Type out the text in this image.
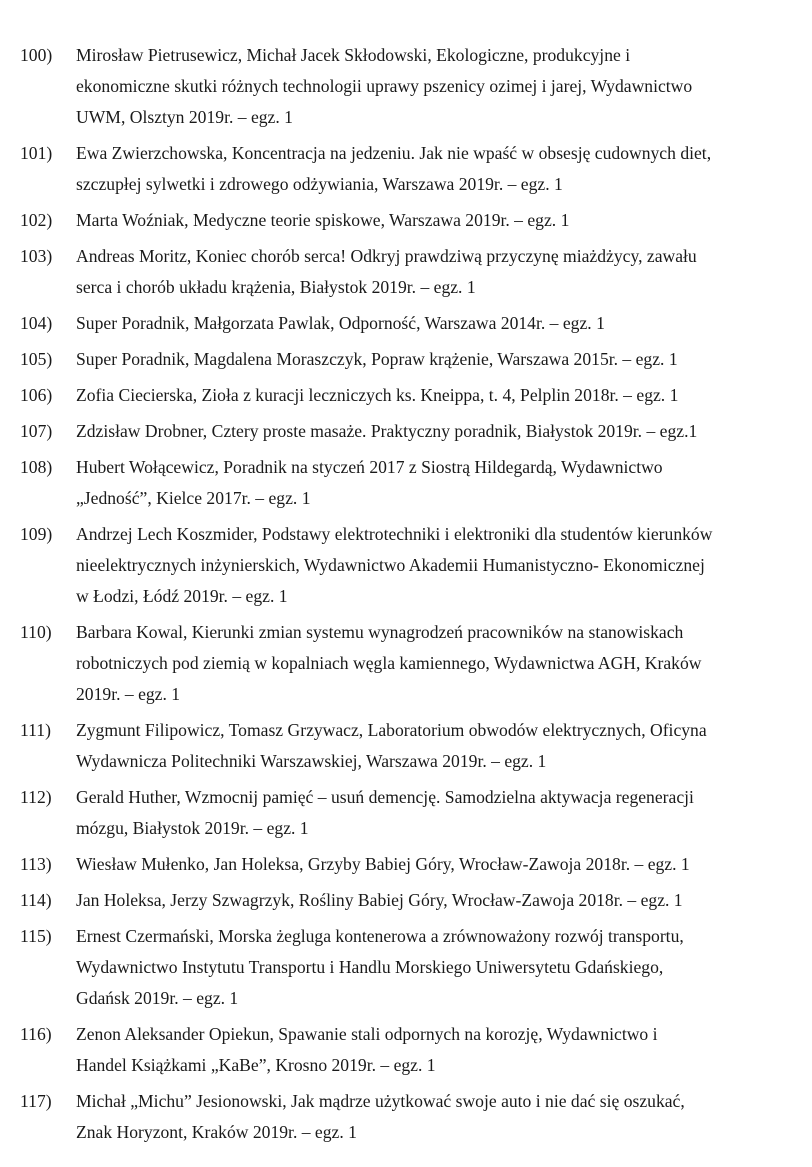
100)	Mirosław Pietrusewicz, Michał Jacek Skłodowski, Ekologiczne, produkcyjne i
ekonomiczne skutki różnych technologii uprawy pszenicy ozimej i jarej, Wydawnictwo
UWM, Olsztyn 2019r. – egz. 1
101)	Ewa Zwierzchowska, Koncentracja na jedzeniu. Jak nie wpaść w obsesję cudownych diet,
szczupłej sylwetki i zdrowego odżywiania, Warszawa 2019r. – egz. 1
102)	Marta Woźniak, Medyczne teorie spiskowe, Warszawa 2019r. – egz. 1
103)	Andreas Moritz, Koniec chorób serca! Odkryj prawdziwą przyczynę miażdżycy, zawału
serca i chorób układu krążenia, Białystok 2019r. – egz. 1
104)	Super Poradnik, Małgorzata Pawlak, Odporność, Warszawa 2014r. – egz. 1
105)	Super Poradnik, Magdalena Moraszczyk, Popraw krążenie, Warszawa 2015r. – egz. 1
106)	Zofia Ciecierska, Zioła z kuracji leczniczych ks. Kneippa, t. 4, Pelplin 2018r. – egz. 1
107)	Zdzisław Drobner, Cztery proste masaże. Praktyczny poradnik, Białystok 2019r. – egz.1
108)	Hubert Wołącewicz, Poradnik na styczeń 2017 z Siostrą Hildegardą, Wydawnictwo
„Jedność”, Kielce 2017r. – egz. 1
109)	Andrzej Lech Koszmider, Podstawy elektrotechniki i elektroniki dla studentów kierunków
nieelektrycznych inżynierskich, Wydawnictwo Akademii Humanistyczno- Ekonomicznej
w Łodzi, Łódź 2019r. – egz. 1
110)	Barbara Kowal, Kierunki zmian systemu wynagrodzeń pracowników na stanowiskach
robotniczych pod ziemią w kopalniach węgla kamiennego, Wydawnictwa AGH, Kraków
2019r. – egz. 1
111)	Zygmunt Filipowicz, Tomasz Grzywacz, Laboratorium obwodów elektrycznych, Oficyna
Wydawnicza Politechniki Warszawskiej, Warszawa 2019r. – egz. 1
112)	Gerald Huther, Wzmocnij pamięć – usuń demencję. Samodzielna aktywacja regeneracji
mózgu, Białystok 2019r. – egz. 1
113)	Wiesław Mułenko, Jan Holeksa, Grzyby Babiej Góry, Wrocław-Zawoja 2018r. – egz. 1
114)	Jan Holeksa, Jerzy Szwagrzyk, Rośliny Babiej Góry, Wrocław-Zawoja 2018r. – egz. 1
115)	Ernest Czermański, Morska żegluga kontenerowa a zrównoważony rozwój transportu,
Wydawnictwo Instytutu Transportu i Handlu Morskiego Uniwersytetu Gdańskiego,
Gdańsk 2019r. – egz. 1
116)	Zenon Aleksander Opiekun, Spawanie stali odpornych na korozję, Wydawnictwo i
Handel Książkami „KaBe”, Krosno 2019r. – egz. 1
117)	Michał „Michu” Jesionowski, Jak mądrze użytkować swoje auto i nie dać się oszukać,
Znak Horyzont, Kraków 2019r. – egz. 1
